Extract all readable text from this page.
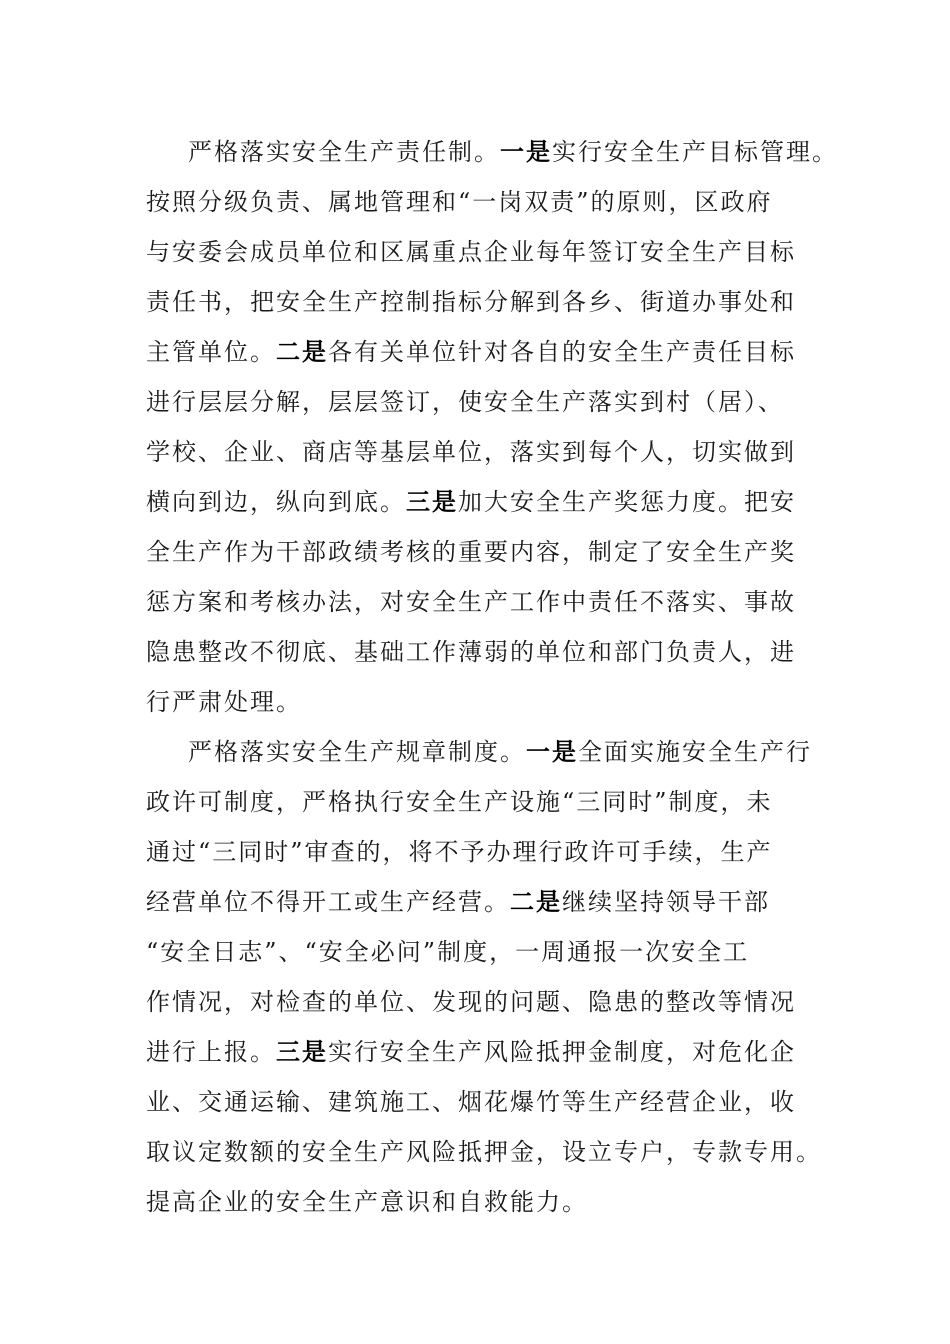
严格落实安全生产责任制。一是实行安全生产目标管理。
按照分级负责、属地管理和“一岗双责”的原则，区政府
与安委会成员单位和区属重点企业每年签订安全生产目标
责任书，把安全生产控制指标分解到各乡、街道办事处和
主管单位。二是各有关单位针对各自的安全生产责任目标
进行层层分解，层层签订，使安全生产落实到村（居）、
学校、企业、商店等基层单位，落实到每个人，切实做到
横向到边，纵向到底。三是加大安全生产奖惩力度。把安
全生产作为干部政绩考核的重要内容，制定了安全生产奖
惩方案和考核办法，对安全生产工作中责任不落实、事故
隐患整改不彻底、基础工作薄弱的单位和部门负责人，进
行严肃处理。
严格落实安全生产规章制度。一是全面实施安全生产行
政许可制度，严格执行安全生产设施“三同时”制度，未
通过“三同时”审查的，将不予办理行政许可手续，生产
经营单位不得开工或生产经营。二是继续坚持领导干部
“安全日志”、“安全必问”制度，一周通报一次安全工
作情况，对检查的单位、发现的问题、隐患的整改等情况
进行上报。三是实行安全生产风险抵押金制度，对危化企
业、交通运输、建筑施工、烟花爆竹等生产经营企业，收
取议定数额的安全生产风险抵押金，设立专户，专款专用。
提高企业的安全生产意识和自救能力。
